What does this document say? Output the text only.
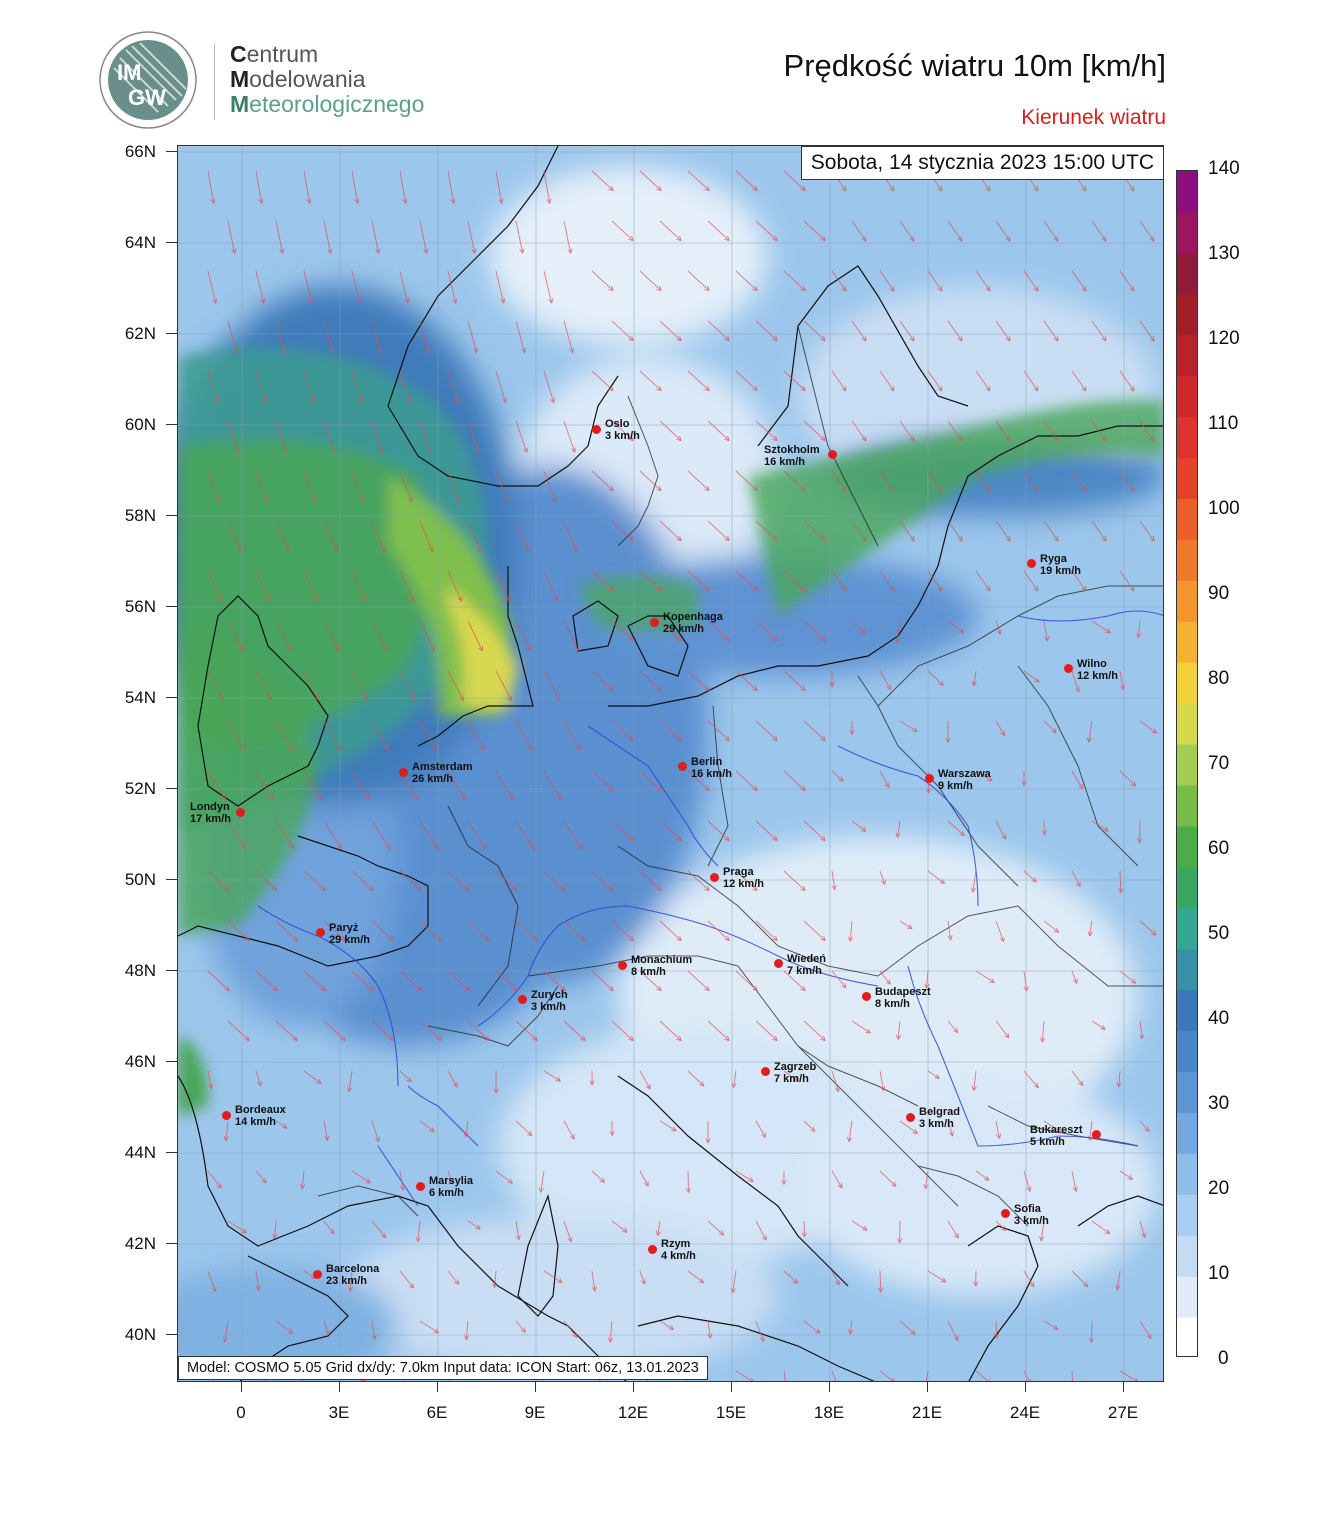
IM
GW
Centrum
Modelowania
Meteorologicznego
Prędkość wiatru 10m [km/h]
Kierunek wiatru
Sobota, 14 stycznia 2023 15:00 UTC
Model: COSMO 5.05 Grid dx/dy: 7.0km Input data: ICON Start: 06z, 13.01.2023
66N
64N
62N
60N
58N
56N
54N
52N
50N
48N
46N
44N
42N
40N
0	3E	6E	9E	12E	15E	18E	21E	24E	27E
140
130
120
110
100
90
80
70
60
50
40
30
20
10
0
Oslo
3 km/h
Sztokholm
16 km/h
Ryga
19 km/h
Kopenhaga
29 km/h
Wilno
12 km/h
Amsterdam
26 km/h
Berlin
16 km/h	Warszawa
9 km/h
Londyn
17 km/h
Praga
12 km/h
Paryż
29 km/h
Monachium
8 km/h
Wiedeń
7 km/h
Zurych
3 km/h
Budapeszt
8 km/h
Zagrzeb
7 km/h
Bordeaux
14 km/h
Belgrad
3 km/h	Bukareszt
5 km/h
Marsylia
6 km/h
Sofia
3 km/h
Rzym
4 km/h
Barcelona
23 km/h
